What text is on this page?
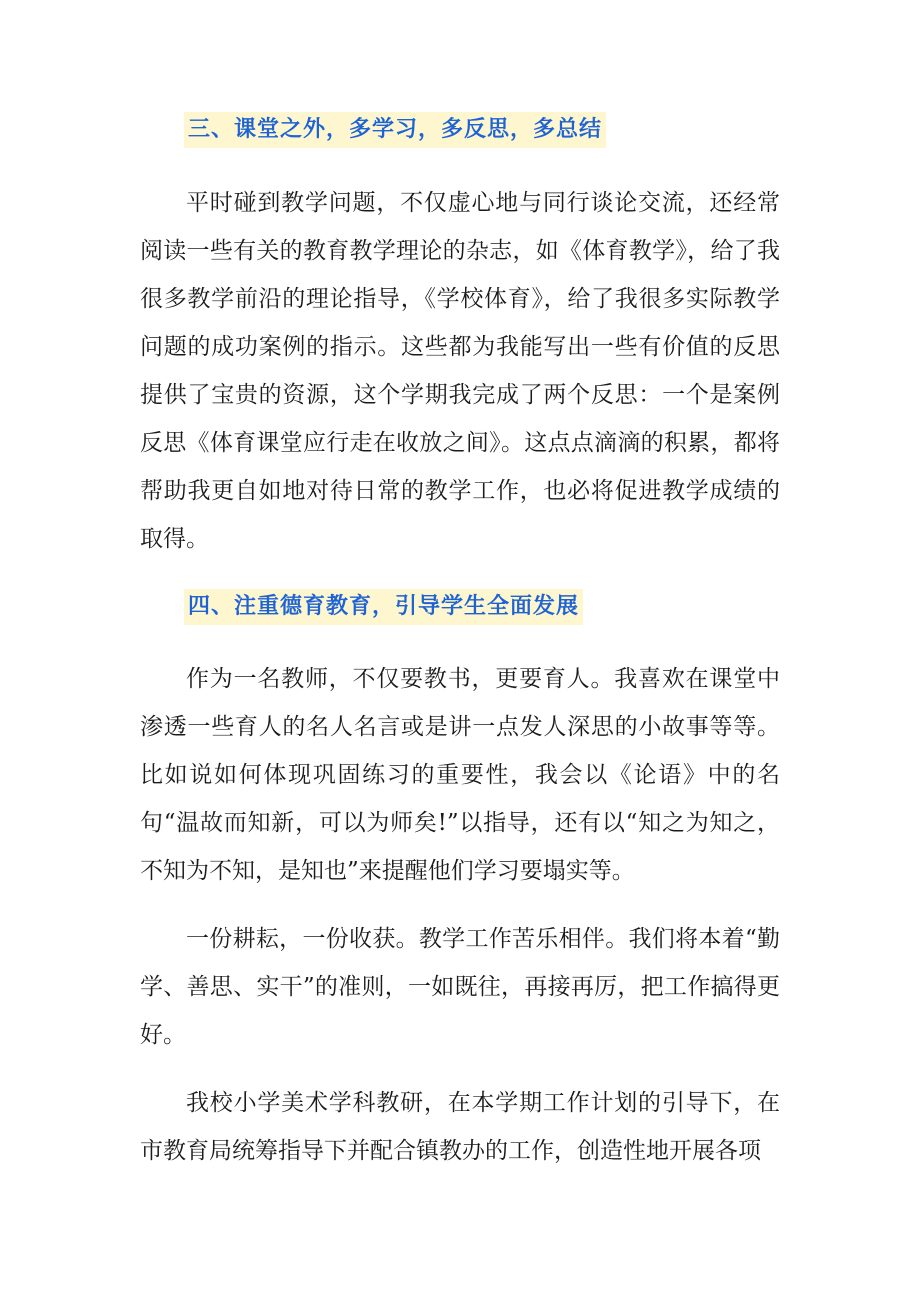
三、课堂之外，多学习，多反思，多总结

平时碰到教学问题，不仅虚心地与同行谈论交流，还经常阅读一些有关的教育教学理论的杂志，如《体育教学》，给了我很多教学前沿的理论指导，《学校体育》，给了我很多实际教学问题的成功案例的指示。这些都为我能写出一些有价值的反思提供了宝贵的资源，这个学期我完成了两个反思：一个是案例反思《体育课堂应行走在收放之间》。这点点滴滴的积累，都将帮助我更自如地对待日常的教学工作，也必将促进教学成绩的取得。

四、注重德育教育，引导学生全面发展

作为一名教师，不仅要教书，更要育人。我喜欢在课堂中渗透一些育人的名人名言或是讲一点发人深思的小故事等等。比如说如何体现巩固练习的重要性，我会以《论语》中的名句“温故而知新，可以为师矣!”以指导，还有以“知之为知之，不知为不知，是知也”来提醒他们学习要塌实等。

一份耕耘，一份收获。教学工作苦乐相伴。我们将本着“勤学、善思、实干”的准则，一如既往，再接再厉，把工作搞得更好。

我校小学美术学科教研，在本学期工作计划的引导下，在市教育局统筹指导下并配合镇教办的工作，创造性地开展各项
